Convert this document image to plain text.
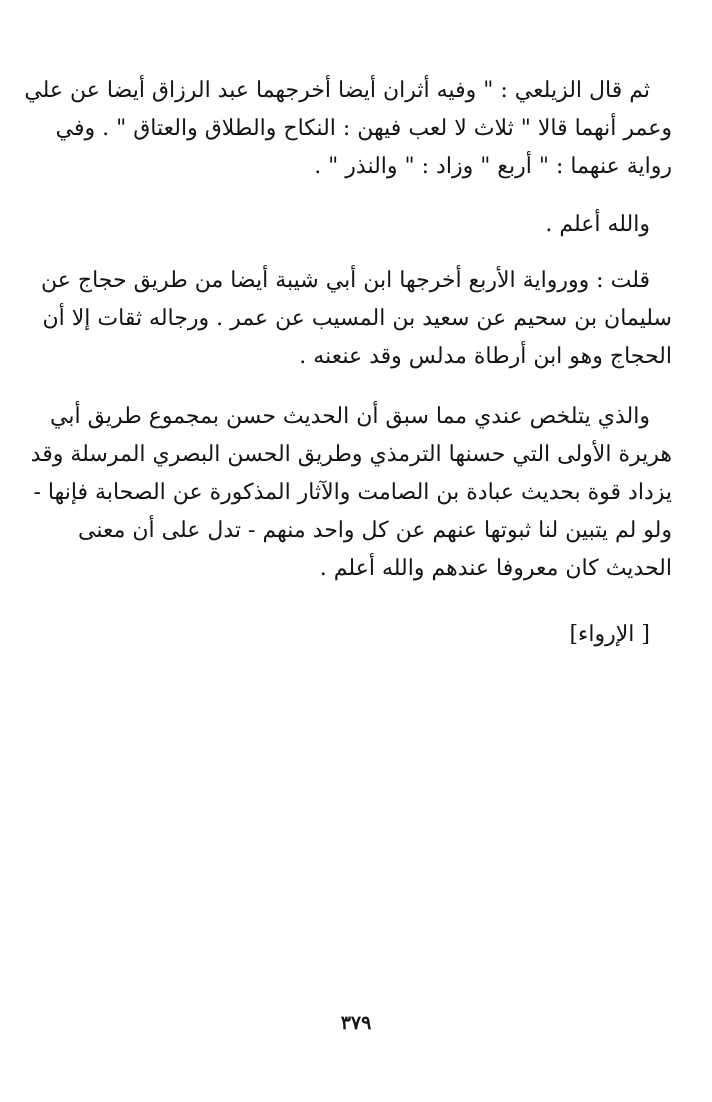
ثم قال الزيلعي : " وفيه أثران أيضا أخرجهما عبد الرزاق أيضا عن علي
وعمر أنهما قالا " ثلاث لا لعب فيهن : النكاح والطلاق والعتاق " . وفي
رواية عنهما : " أربع " وزاد : " والنذر " .
والله أعلم .
قلت : وورواية الأربع أخرجها ابن أبي شيبة أيضا من طريق حجاج عن
سليمان بن سحيم عن سعيد بن المسيب عن عمر . ورجاله ثقات إلا أن
الحجاج وهو ابن أرطاة مدلس وقد عنعنه .
والذي يتلخص عندي مما سبق أن الحديث حسن بمجموع طريق أبي
هريرة الأولى التي حسنها الترمذي وطريق الحسن البصري المرسلة وقد
يزداد قوة بحديث عبادة بن الصامت والآثار المذكورة عن الصحابة فإنها -
ولو لم يتبين لنا ثبوتها عنهم عن كل واحد منهم - تدل على أن معنى
الحديث كان معروفا عندهم والله أعلم .
[ الإرواء]
٣٧٩
